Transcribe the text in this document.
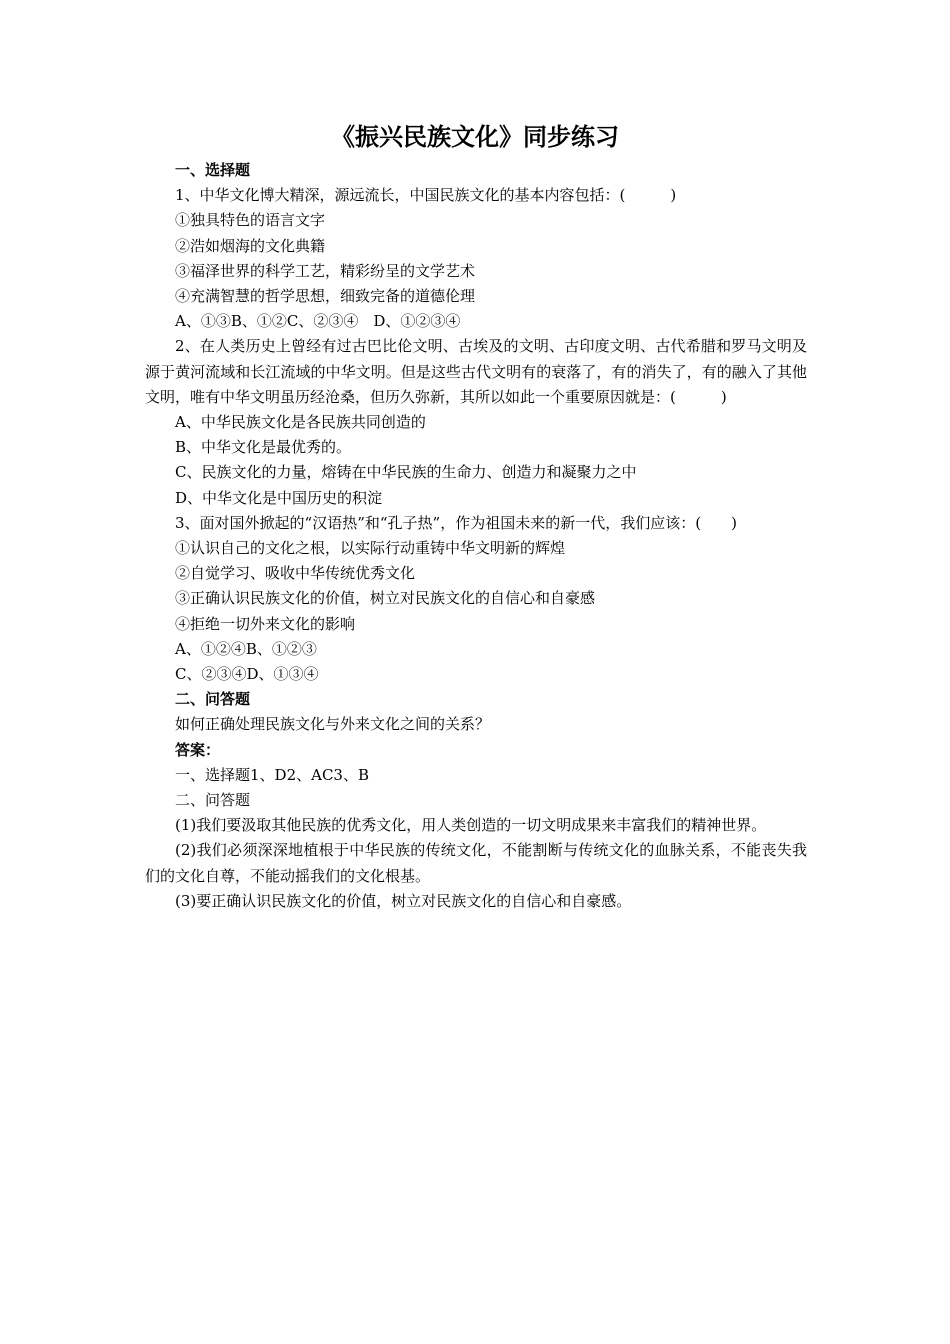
《振兴民族文化》同步练习

一、选择题

1、中华文化博大精深，源远流长，中国民族文化的基本内容包括：(　　　)

①独具特色的语言文字

②浩如烟海的文化典籍

③福泽世界的科学工艺，精彩纷呈的文学艺术

④充满智慧的哲学思想，细致完备的道德伦理

A、①③B、①②C、②③④　D、①②③④

2、在人类历史上曾经有过古巴比伦文明、古埃及的文明、古印度文明、古代希腊和罗马文明及源于黄河流域和长江流域的中华文明。但是这些古代文明有的衰落了，有的消失了，有的融入了其他文明，唯有中华文明虽历经沧桑，但历久弥新，其所以如此一个重要原因就是：(　　　)

A、中华民族文化是各民族共同创造的

B、中华文化是最优秀的。

C、民族文化的力量，熔铸在中华民族的生命力、创造力和凝聚力之中

D、中华文化是中国历史的积淀

3、面对国外掀起的“汉语热”和“孔子热”，作为祖国未来的新一代，我们应该：(　　)

①认识自己的文化之根，以实际行动重铸中华文明新的辉煌

②自觉学习、吸收中华传统优秀文化

③正确认识民族文化的价值，树立对民族文化的自信心和自豪感

④拒绝一切外来文化的影响

A、①②④B、①②③

C、②③④D、①③④

二、问答题

如何正确处理民族文化与外来文化之间的关系？

答案：

一、选择题1、D2、AC3、B

二、问答题

(1)我们要汲取其他民族的优秀文化，用人类创造的一切文明成果来丰富我们的精神世界。

(2)我们必须深深地植根于中华民族的传统文化，不能割断与传统文化的血脉关系，不能丧失我们的文化自尊，不能动摇我们的文化根基。

(3)要正确认识民族文化的价值，树立对民族文化的自信心和自豪感。
